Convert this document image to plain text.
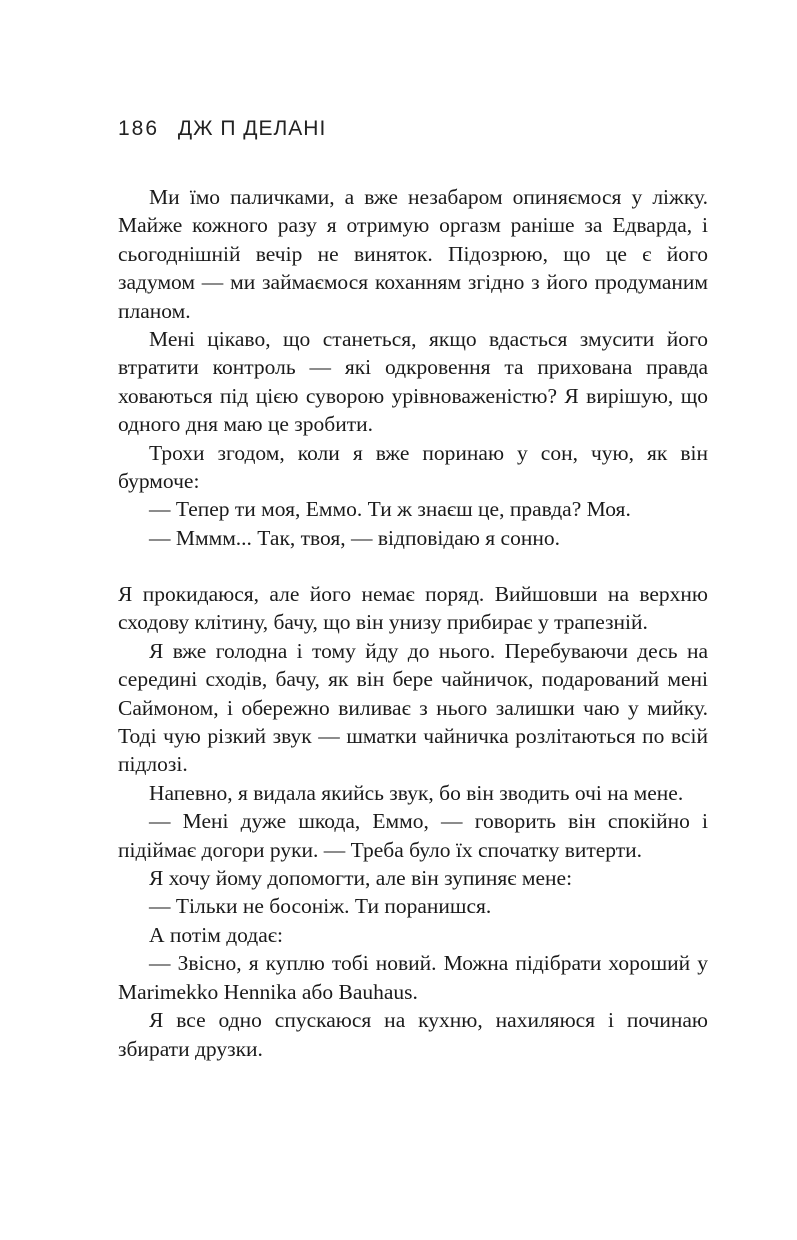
186 ДЖ П ДЕЛАНІ

Ми їмо паличками, а вже незабаром опиняємося у ліжку. Майже кожного разу я отримую оргазм раніше за Едварда, і сьогоднішній вечір не виняток. Підозрюю, що це є його задумом — ми займаємося коханням згідно з його продуманим планом.

Мені цікаво, що станеться, якщо вдасться змусити його втратити контроль — які одкровення та прихована правда ховаються під цією суворою урівноваженістю? Я вирішую, що одного дня маю це зробити.

Трохи згодом, коли я вже поринаю у сон, чую, як він бурмоче:

— Тепер ти моя, Еммо. Ти ж знаєш це, правда? Моя.

— Мммм... Так, твоя, — відповідаю я сонно.

Я прокидаюся, але його немає поряд. Вийшовши на верхню сходову клітину, бачу, що він унизу прибирає у трапезній.

Я вже голодна і тому йду до нього. Перебуваючи десь на середині сходів, бачу, як він бере чайничок, подарований мені Саймоном, і обережно виливає з нього залишки чаю у мийку. Тоді чую різкий звук — шматки чайничка розлітаються по всій підлозі.

Напевно, я видала якийсь звук, бо він зводить очі на мене.

— Мені дуже шкода, Еммо, — говорить він спокійно і підіймає догори руки. — Треба було їх спочатку витерти.

Я хочу йому допомогти, але він зупиняє мене:

— Тільки не босоніж. Ти поранишся.

А потім додає:

— Звісно, я куплю тобі новий. Можна підібрати хороший у Marimekko Hennika або Bauhaus.

Я все одно спускаюся на кухню, нахиляюся і починаю збирати друзки.
